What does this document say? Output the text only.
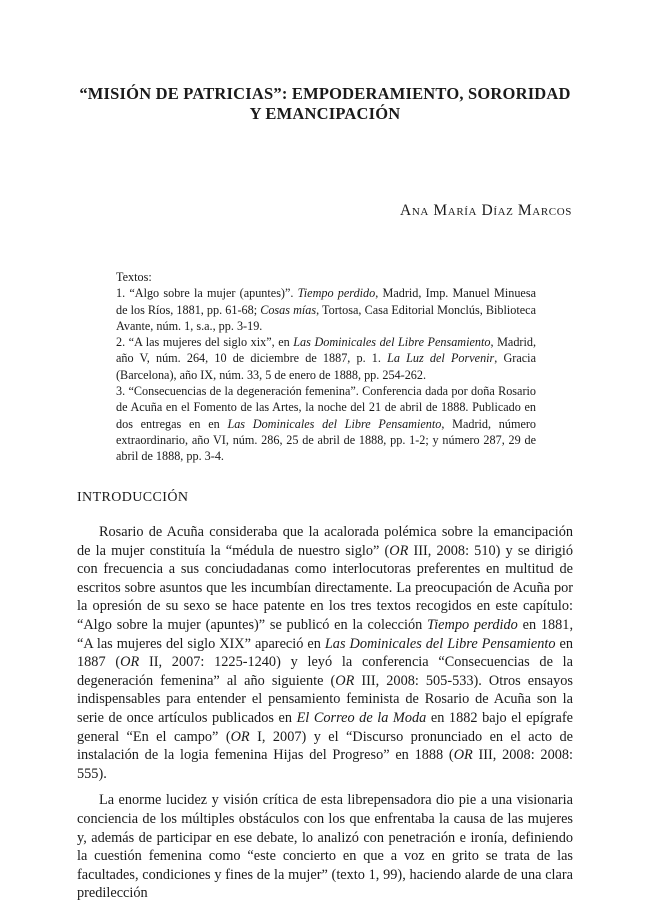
“MISIÓN DE PATRICIAS”: EMPODERAMIENTO, SORORIDAD
Y EMANCIPACIÓN
Ana María Díaz Marcos
Textos:
1. “Algo sobre la mujer (apuntes)”. Tiempo perdido, Madrid, Imp. Manuel Minuesa de los Ríos, 1881, pp. 61-68; Cosas mías, Tortosa, Casa Editorial Monclús, Biblioteca Avante, núm. 1, s.a., pp. 3-19.
2. “A las mujeres del siglo xix”, en Las Dominicales del Libre Pensamiento, Madrid, año V, núm. 264, 10 de diciembre de 1887, p. 1. La Luz del Porvenir, Gracia (Barcelona), año IX, núm. 33, 5 de enero de 1888, pp. 254-262.
3. “Consecuencias de la degeneración femenina”. Conferencia dada por doña Rosario de Acuña en el Fomento de las Artes, la noche del 21 de abril de 1888. Publicado en dos entregas en en Las Dominicales del Libre Pensamiento, Madrid, número extraordinario, año VI, núm. 286, 25 de abril de 1888, pp. 1-2; y número 287, 29 de abril de 1888, pp. 3-4.
INTRODUCCIÓN

Rosario de Acuña consideraba que la acalorada polémica sobre la emancipación de la mujer constituía la “médula de nuestro siglo” (OR III, 2008: 510) y se dirigió con frecuencia a sus conciudadanas como interlocutoras preferentes en multitud de escritos sobre asuntos que les incumbían directamente. La preocupación de Acuña por la opresión de su sexo se hace patente en los tres textos recogidos en este capítulo: “Algo sobre la mujer (apuntes)” se publicó en la colección Tiempo perdido en 1881, “A las mujeres del siglo XIX” apareció en Las Dominicales del Libre Pensamiento en 1887 (OR II, 2007: 1225-1240) y leyó la conferencia “Consecuencias de la degeneración femenina” al año siguiente (OR III, 2008: 505-533). Otros ensayos indispensables para entender el pensamiento feminista de Rosario de Acuña son la serie de once artículos publicados en El Correo de la Moda en 1882 bajo el epígrafe general “En el campo” (OR I, 2007) y el “Discurso pronunciado en el acto de instalación de la logia femenina Hijas del Progreso” en 1888 (OR III, 2008: 2008: 555).

La enorme lucidez y visión crítica de esta librepensadora dio pie a una visionaria conciencia de los múltiples obstáculos con los que enfrentaba la causa de las mujeres y, además de participar en ese debate, lo analizó con penetración e ironía, definiendo la cuestión femenina como “este concierto en que a voz en grito se trata de las facultades, condiciones y fines de la mujer” (texto 1, 99), haciendo alarde de una clara predilección
